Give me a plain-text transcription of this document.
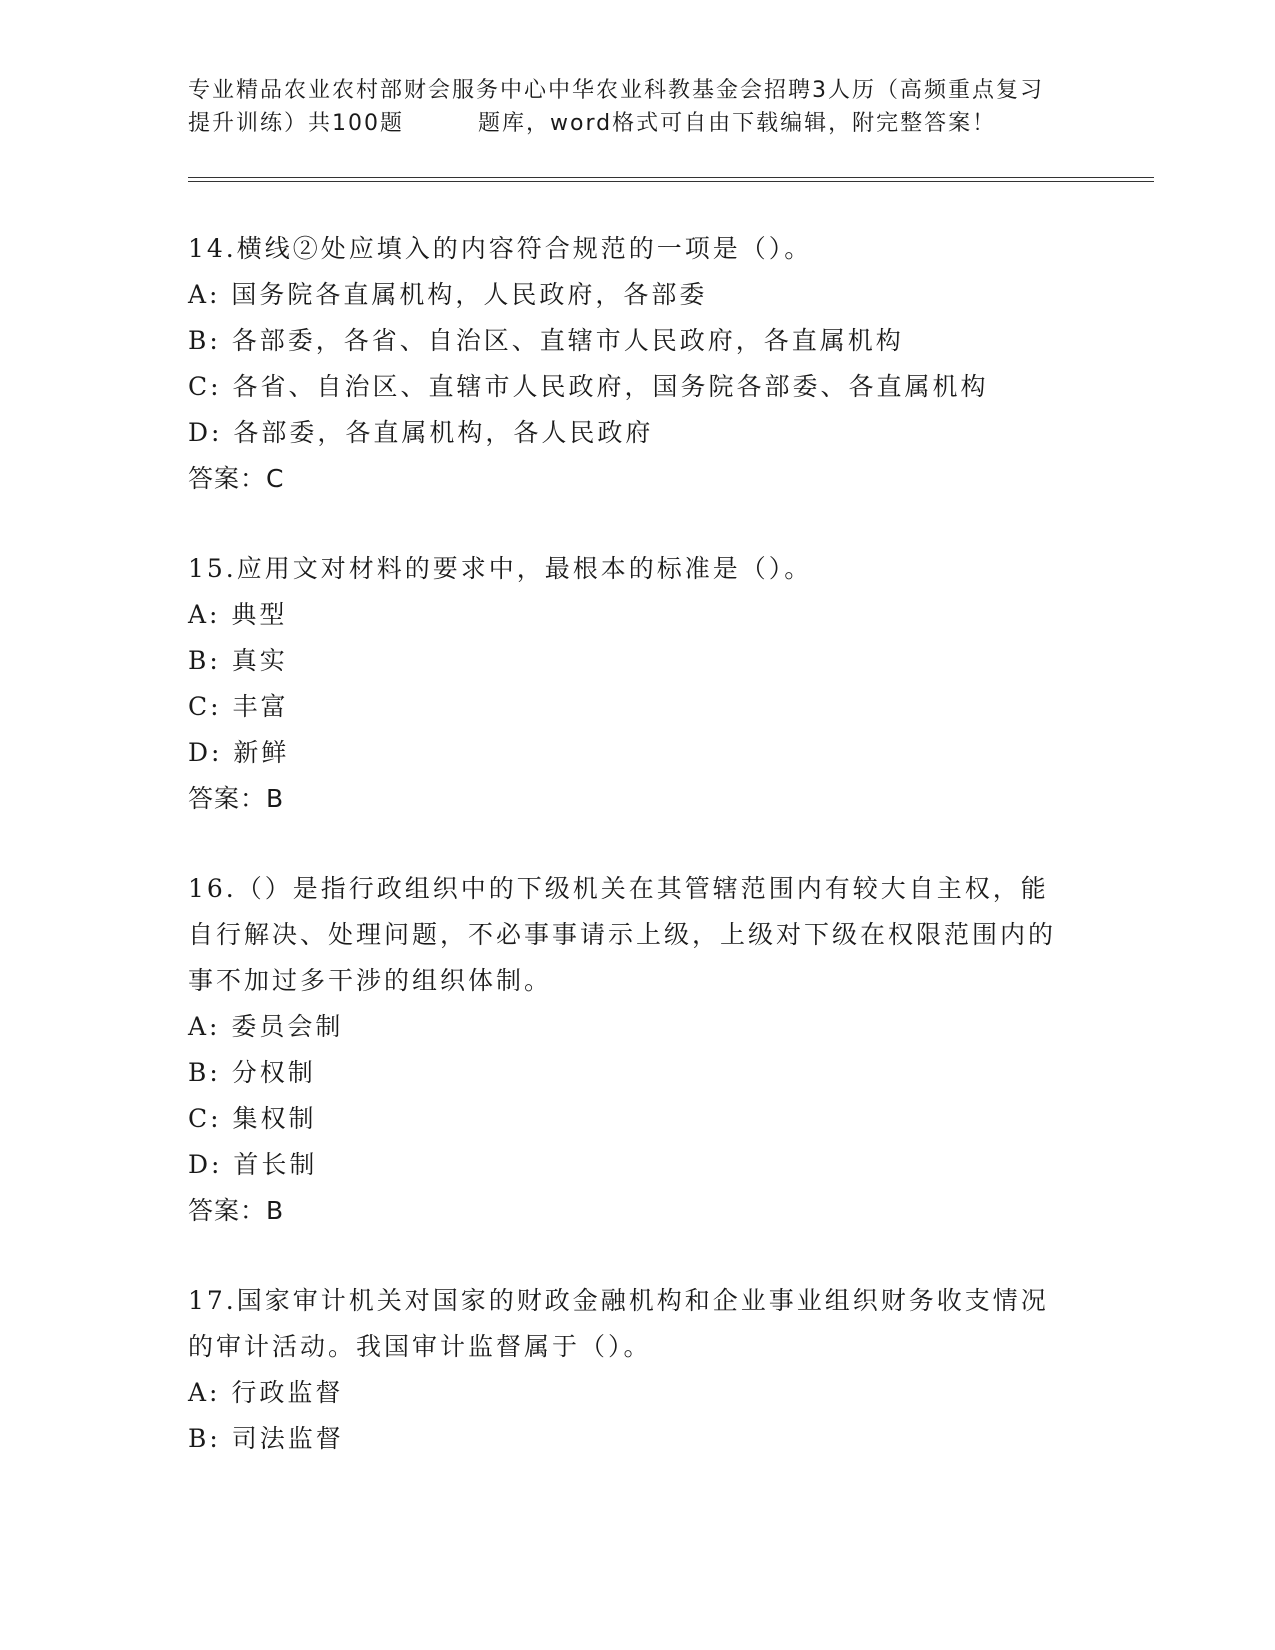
专业精品农业农村部财会服务中心中华农业科教基金会招聘3人历（高频重点复习
提升训练）共100题	题库，word格式可自由下载编辑，附完整答案！

14.横线②处应填入的内容符合规范的一项是（）。

A: 国务院各直属机构，人民政府，各部委

B: 各部委，各省、自治区、直辖市人民政府，各直属机构

C: 各省、自治区、直辖市人民政府，国务院各部委、各直属机构

D: 各部委，各直属机构，各人民政府

答案：C

15.应用文对材料的要求中，最根本的标准是（）。

A: 典型

B: 真实

C: 丰富

D: 新鲜

答案：B

16.（）是指行政组织中的下级机关在其管辖范围内有较大自主权，能自行解决、处理问题，不必事事请示上级，上级对下级在权限范围内的事不加过多干涉的组织体制。

A: 委员会制

B: 分权制

C: 集权制

D: 首长制

答案：B

17.国家审计机关对国家的财政金融机构和企业事业组织财务收支情况的审计活动。我国审计监督属于（）。

A: 行政监督

B: 司法监督
